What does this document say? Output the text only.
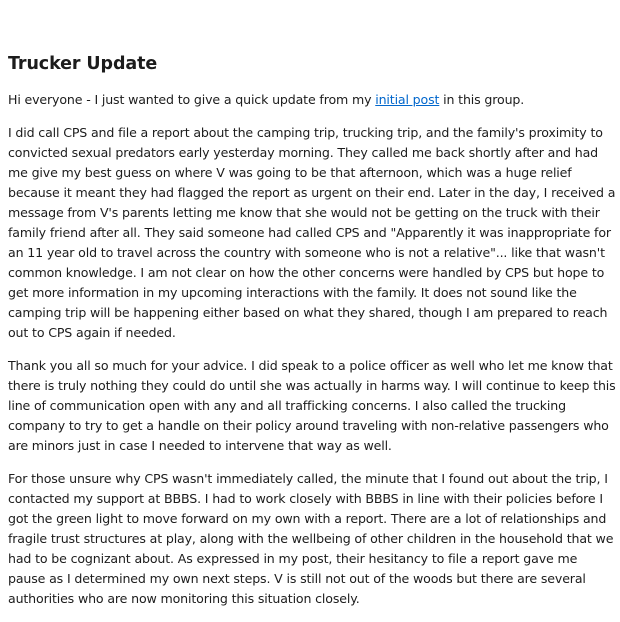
Trucker Update

Hi everyone - I just wanted to give a quick update from my initial post in this group.

I did call CPS and file a report about the camping trip, trucking trip, and the family's proximity to convicted sexual predators early yesterday morning. They called me back shortly after and had me give my best guess on where V was going to be that afternoon, which was a huge relief because it meant they had flagged the report as urgent on their end. Later in the day, I received a message from V's parents letting me know that she would not be getting on the truck with their family friend after all. They said someone had called CPS and "Apparently it was inappropriate for an 11 year old to travel across the country with someone who is not a relative"... like that wasn't common knowledge. I am not clear on how the other concerns were handled by CPS but hope to get more information in my upcoming interactions with the family. It does not sound like the camping trip will be happening either based on what they shared, though I am prepared to reach out to CPS again if needed.

Thank you all so much for your advice. I did speak to a police officer as well who let me know that there is truly nothing they could do until she was actually in harms way. I will continue to keep this line of communication open with any and all trafficking concerns. I also called the trucking company to try to get a handle on their policy around traveling with non-relative passengers who are minors just in case I needed to intervene that way as well.

For those unsure why CPS wasn't immediately called, the minute that I found out about the trip, I contacted my support at BBBS. I had to work closely with BBBS in line with their policies before I got the green light to move forward on my own with a report. There are a lot of relationships and fragile trust structures at play, along with the wellbeing of other children in the household that we had to be cognizant about. As expressed in my post, their hesitancy to file a report gave me pause as I determined my own next steps. V is still not out of the woods but there are several authorities who are now monitoring this situation closely.
